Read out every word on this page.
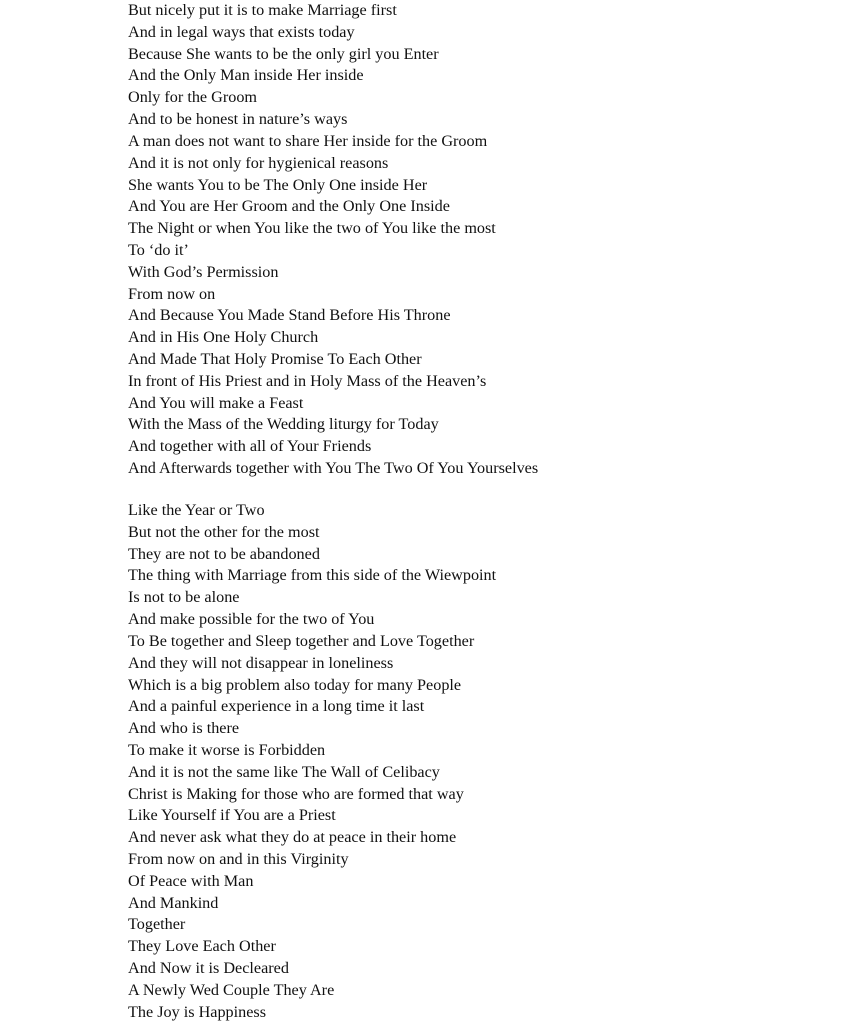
But nicely put it is to make Marriage first
And in legal ways that exists today
Because She wants to be the only girl you Enter
And the Only Man inside Her inside
Only for the Groom
And to be honest in nature’s ways
A man does not want to share Her inside for the Groom
And it is not only for hygienical reasons
She wants You to be The Only One inside Her
And You are Her Groom and the Only One Inside
The Night or when You like the two of You like the most
To ‘do it’
With God’s Permission
From now on
And Because You Made Stand Before His Throne
And in His One Holy Church
And Made That Holy Promise To Each Other
In front of His Priest and in Holy Mass of the Heaven’s
And You will make a Feast
With the Mass of the Wedding liturgy for Today
And together with all of Your Friends
And Afterwards together with You The Two Of You Yourselves
Like the Year or Two
But not the other for the most
They are not to be abandoned
The thing with Marriage from this side of the Wiewpoint
Is not to be alone
And make possible for the two of You
To Be together and Sleep together and Love Together
And they will not disappear in loneliness
Which is a big problem also today for many People
And a painful experience in a long time it last
And who is there
To make it worse is Forbidden
And it is not the same like The Wall of Celibacy
Christ is Making for those who are formed that way
Like Yourself if You are a Priest
And never ask what they do at peace in their home
From now on and in this Virginity
Of Peace with Man
And Mankind
Together
They Love Each Other
And Now it is Decleared
A Newly Wed Couple They Are
The Joy is Happiness
